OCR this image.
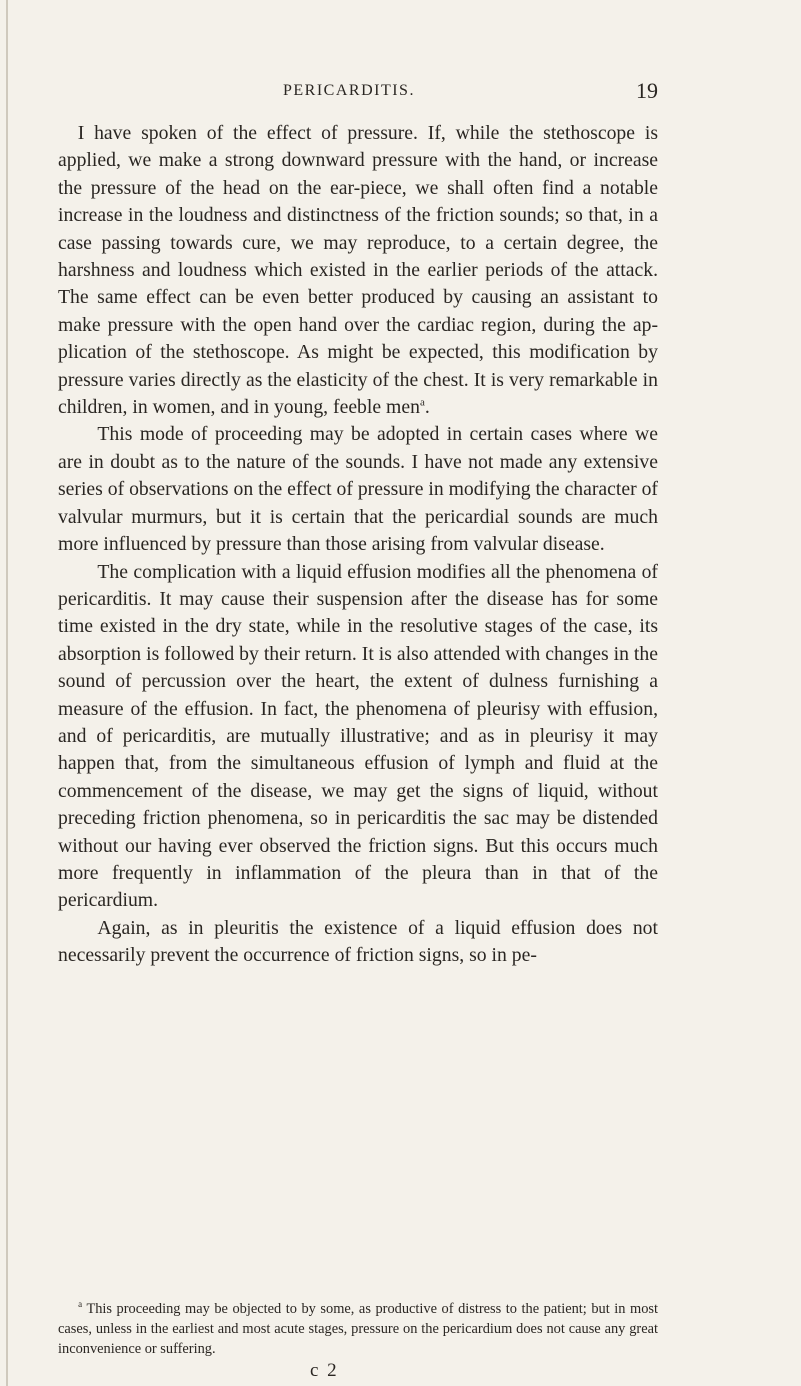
PERICARDITIS.	19

I have spoken of the effect of pressure. If, while the stethoscope is applied, we make a strong downward pressure with the hand, or increase the pressure of the head on the ear-piece, we shall often find a notable increase in the loudness and distinctness of the friction sounds; so that, in a case passing towards cure, we may reproduce, to a certain degree, the harshness and loudness which existed in the earlier periods of the attack. The same effect can be even better produced by causing an assistant to make pressure with the open hand over the cardiac region, during the application of the stethoscope. As might be expected, this modification by pressure varies directly as the elasticity of the chest. It is very remarkable in children, in women, and in young, feeble men$^a$.

This mode of proceeding may be adopted in certain cases where we are in doubt as to the nature of the sounds. I have not made any extensive series of observations on the effect of pressure in modifying the character of valvular murmurs, but it is certain that the pericardial sounds are much more influenced by pressure than those arising from valvular disease.

The complication with a liquid effusion modifies all the phenomena of pericarditis. It may cause their suspension after the disease has for some time existed in the dry state, while in the resolutive stages of the case, its absorption is followed by their return. It is also attended with changes in the sound of percussion over the heart, the extent of dulness furnishing a measure of the effusion. In fact, the phenomena of pleurisy with effusion, and of pericarditis, are mutually illustrative; and as in pleurisy it may happen that, from the simultaneous effusion of lymph and fluid at the commencement of the disease, we may get the signs of liquid, without preceding friction phenomena, so in pericarditis the sac may be distended without our having ever observed the friction signs. But this occurs much more frequently in inflammation of the pleura than in that of the pericardium.

Again, as in pleuritis the existence of a liquid effusion does not necessarily prevent the occurrence of friction signs, so in pe-

$^a$ This proceeding may be objected to by some, as productive of distress to the patient; but in most cases, unless in the earliest and most acute stages, pressure on the pericardium does not cause any great inconvenience or suffering.

c 2
